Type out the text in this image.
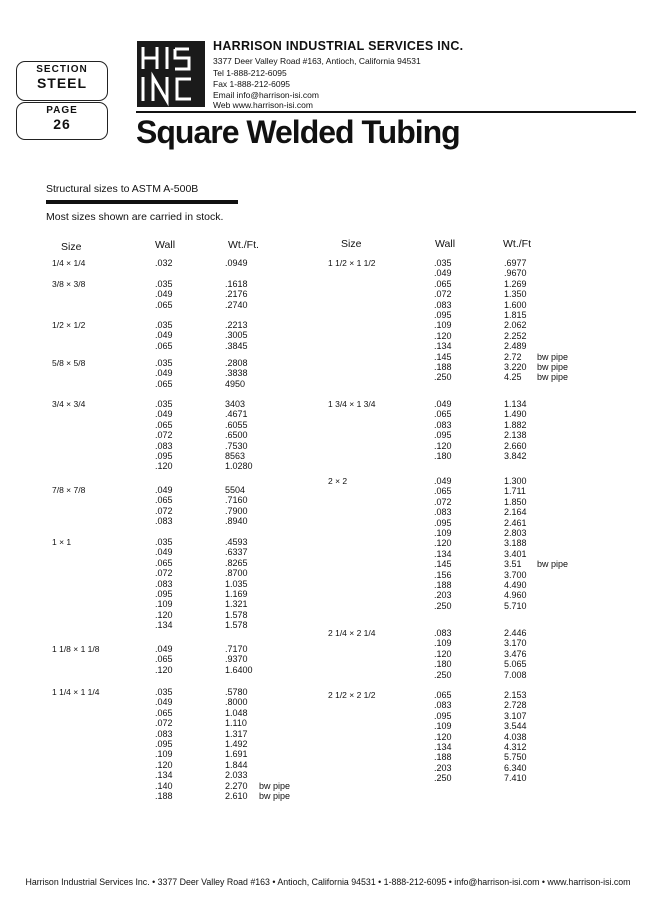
SECTION
STEEL
PAGE
26
HARRISON INDUSTRIAL SERVICES INC.
3377 Deer Valley Road #163, Antioch, California 94531
Tel 1-888-212-6095
Fax 1-888-212-6095
Email info@harrison-isi.com
Web www.harrison-isi.com
Square Welded Tubing
Structural sizes to ASTM A-500B
Most sizes shown are carried in stock.
Size	Wall	Wt./Ft.	Size	Wall	Wt./Ft
1/4 × 1/4	.032	.0949
3/8 × 3/8	.035	.1618
.049	.2176
.065	.2740
1/2 × 1/2	.035	.2213
.049	.3005
.065	.3845
5/8 × 5/8	.035	.2808
.049	.3838
.065	4950
3/4 × 3/4	.035	3403
.049	.4671
.065	.6055
.072	.6500
.083	.7530
.095	8563
.120	1.0280
7/8 × 7/8	.049	5504
.065	.7160
.072	.7900
.083	.8940
1 × 1	.035	.4593
.049	.6337
.065	.8265
.072	.8700
.083	1.035
.095	1.169
.109	1.321
.120	1.578
.134	1.578
1 1/8 × 1 1/8	.049	.7170
.065	.9370
.120	1.6400
1 1/4 × 1 1/4	.035	.5780
.049	.8000
.065	1.048
.072	1.110
.083	1.317
.095	1.492
.109	1.691
.120	1.844
.134	2.033
.140	2.270 bw pipe
.188	2.610 bw pipe
1 1/2 × 1 1/2	.035	.6977
.049	.9670
.065	1.269
.072	1.350
.083	1.600
.095	1.815
.109	2.062
.120	2.252
.134	2.489
.145	2.72 bw pipe
.188	3.220 bw pipe
.250	4.25 bw pipe
1 3/4 × 1 3/4	.049	1.134
.065	1.490
.083	1.882
.095	2.138
.120	2.660
.180	3.842
2 × 2	.049	1.300
.065	1.711
.072	1.850
.083	2.164
.095	2.461
.109	2.803
.120	3.188
.134	3.401
.145	3.51 bw pipe
.156	3.700
.188	4.490
.203	4.960
.250	5.710
2 1/4 × 2 1/4	.083	2.446
.109	3.170
.120	3.476
.180	5.065
.250	7.008
2 1/2 × 2 1/2	.065	2.153
.083	2.728
.095	3.107
.109	3.544
.120	4.038
.134	4.312
.188	5.750
.203	6.340
.250	7.410
Harrison Industrial Services Inc. • 3377 Deer Valley Road #163 • Antioch, California 94531 • 1-888-212-6095 • info@harrison-isi.com • www.harrison-isi.com
